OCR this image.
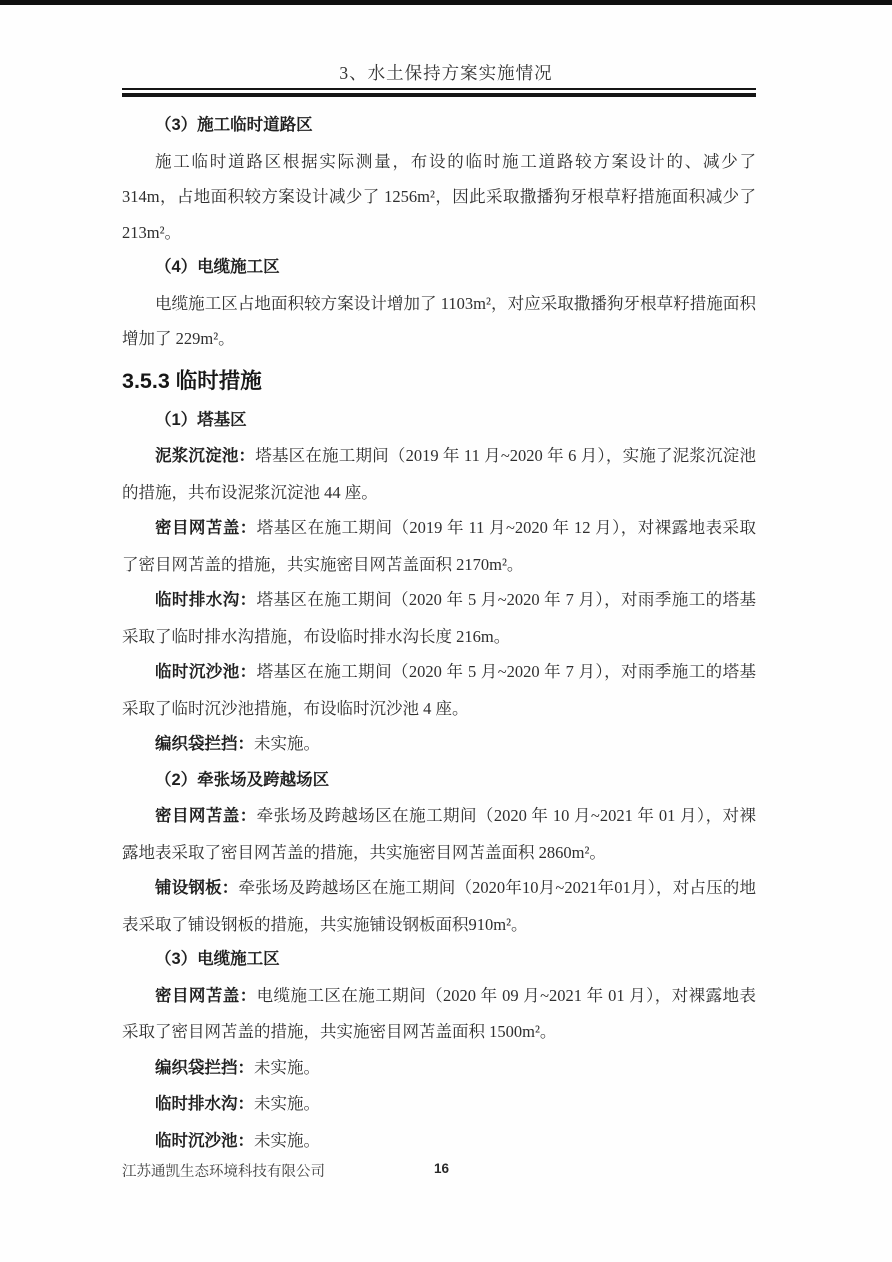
3、水土保持方案实施情况
（3）施工临时道路区

施工临时道路区根据实际测量，布设的临时施工道路较方案设计的、减少了 314m，占地面积较方案设计减少了 1256m²，因此采取撒播狗牙根草籽措施面积减少了 213m²。

（4）电缆施工区

电缆施工区占地面积较方案设计增加了 1103m²，对应采取撒播狗牙根草籽措施面积增加了 229m²。

3.5.3 临时措施
（1）塔基区

泥浆沉淀池：塔基区在施工期间（2019 年 11 月~2020 年 6 月），实施了泥浆沉淀池的措施，共布设泥浆沉淀池 44 座。

密目网苫盖：塔基区在施工期间（2019 年 11 月~2020 年 12 月），对裸露地表采取了密目网苫盖的措施，共实施密目网苫盖面积 2170m²。

临时排水沟：塔基区在施工期间（2020 年 5 月~2020 年 7 月），对雨季施工的塔基采取了临时排水沟措施，布设临时排水沟长度 216m。

临时沉沙池：塔基区在施工期间（2020 年 5 月~2020 年 7 月），对雨季施工的塔基采取了临时沉沙池措施，布设临时沉沙池 4 座。

编织袋拦挡：未实施。

（2）牵张场及跨越场区

密目网苫盖：牵张场及跨越场区在施工期间（2020 年 10 月~2021 年 01 月），对裸露地表采取了密目网苫盖的措施，共实施密目网苫盖面积 2860m²。

铺设钢板：牵张场及跨越场区在施工期间（2020年10月~2021年01月），对占压的地表采取了铺设钢板的措施，共实施铺设钢板面积910m²。

（3）电缆施工区

密目网苫盖：电缆施工区在施工期间（2020 年 09 月~2021 年 01 月），对裸露地表采取了密目网苫盖的措施，共实施密目网苫盖面积 1500m²。

编织袋拦挡：未实施。

临时排水沟：未实施。

临时沉沙池：未实施。

江苏通凯生态环境科技有限公司	16
